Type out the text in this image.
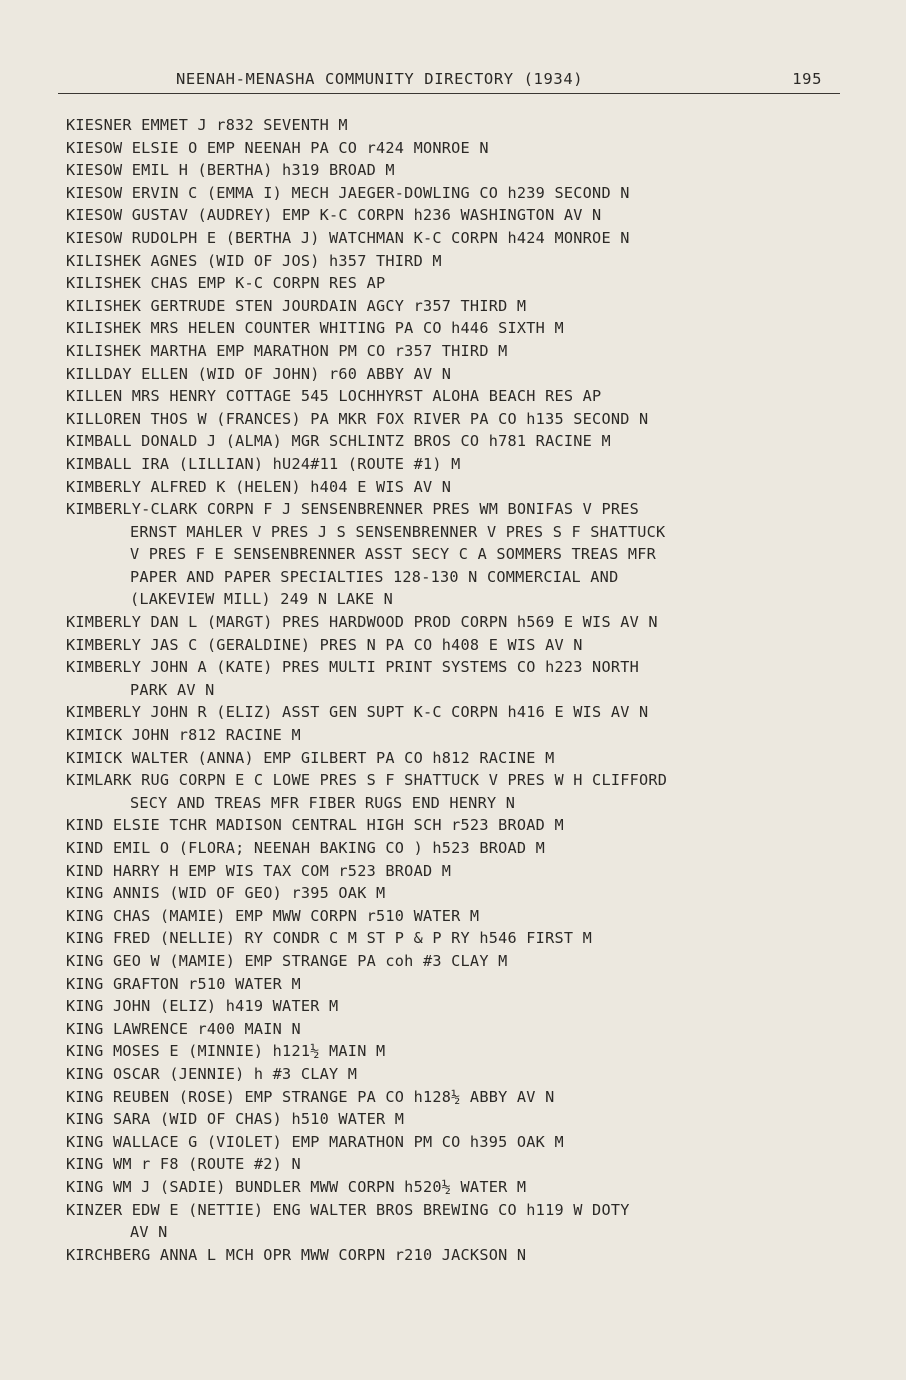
NEENAH-MENASHA COMMUNITY DIRECTORY (1934)	195
KIESNER EMMET J r832 SEVENTH M
KIESOW ELSIE O EMP NEENAH PA CO r424 MONROE N
KIESOW EMIL H (BERTHA) h319 BROAD M
KIESOW ERVIN C (EMMA I) MECH JAEGER-DOWLING CO h239 SECOND N
KIESOW GUSTAV (AUDREY) EMP K-C CORPN h236 WASHINGTON AV N
KIESOW RUDOLPH E (BERTHA J) WATCHMAN K-C CORPN h424 MONROE N
KILISHEK AGNES (WID OF JOS) h357 THIRD M
KILISHEK CHAS EMP K-C CORPN RES AP
KILISHEK GERTRUDE STEN JOURDAIN AGCY r357 THIRD M
KILISHEK MRS HELEN COUNTER WHITING PA CO h446 SIXTH M
KILISHEK MARTHA EMP MARATHON PM CO r357 THIRD M
KILLDAY ELLEN (WID OF JOHN) r60 ABBY AV N
KILLEN MRS HENRY COTTAGE 545 LOCHHYRST ALOHA BEACH RES AP
KILLOREN THOS W (FRANCES) PA MKR FOX RIVER PA CO h135 SECOND N
KIMBALL DONALD J (ALMA) MGR SCHLINTZ BROS CO h781 RACINE M
KIMBALL IRA (LILLIAN) hU24#11 (ROUTE #1) M
KIMBERLY ALFRED K (HELEN) h404 E WIS AV N
KIMBERLY-CLARK CORPN F J SENSENBRENNER PRES WM BONIFAS V PRES
ERNST MAHLER V PRES J S SENSENBRENNER V PRES S F SHATTUCK
V PRES F E SENSENBRENNER ASST SECY C A SOMMERS TREAS MFR
PAPER AND PAPER SPECIALTIES 128-130 N COMMERCIAL AND
(LAKEVIEW MILL) 249 N LAKE N
KIMBERLY DAN L (MARGT) PRES HARDWOOD PROD CORPN h569 E WIS AV N
KIMBERLY JAS C (GERALDINE) PRES N PA CO h408 E WIS AV N
KIMBERLY JOHN A (KATE) PRES MULTI PRINT SYSTEMS CO h223 NORTH
PARK AV N
KIMBERLY JOHN R (ELIZ) ASST GEN SUPT K-C CORPN h416 E WIS AV N
KIMICK JOHN r812 RACINE M
KIMICK WALTER (ANNA) EMP GILBERT PA CO h812 RACINE M
KIMLARK RUG CORPN E C LOWE PRES S F SHATTUCK V PRES W H CLIFFORD
SECY AND TREAS MFR FIBER RUGS END HENRY N
KIND ELSIE TCHR MADISON CENTRAL HIGH SCH r523 BROAD M
KIND EMIL O (FLORA; NEENAH BAKING CO ) h523 BROAD M
KIND HARRY H EMP WIS TAX COM r523 BROAD M
KING ANNIS (WID OF GEO) r395 OAK M
KING CHAS (MAMIE) EMP MWW CORPN r510 WATER M
KING FRED (NELLIE) RY CONDR C M ST P & P RY h546 FIRST M
KING GEO W (MAMIE) EMP STRANGE PA coh #3 CLAY M
KING GRAFTON r510 WATER M
KING JOHN (ELIZ) h419 WATER M
KING LAWRENCE r400 MAIN N
KING MOSES E (MINNIE) h121½ MAIN M
KING OSCAR (JENNIE) h #3 CLAY M
KING REUBEN (ROSE) EMP STRANGE PA CO h128½ ABBY AV N
KING SARA (WID OF CHAS) h510 WATER M
KING WALLACE G (VIOLET) EMP MARATHON PM CO h395 OAK M
KING WM r F8 (ROUTE #2) N
KING WM J (SADIE) BUNDLER MWW CORPN h520½ WATER M
KINZER EDW E (NETTIE) ENG WALTER BROS BREWING CO h119 W DOTY
AV N
KIRCHBERG ANNA L MCH OPR MWW CORPN r210 JACKSON N
